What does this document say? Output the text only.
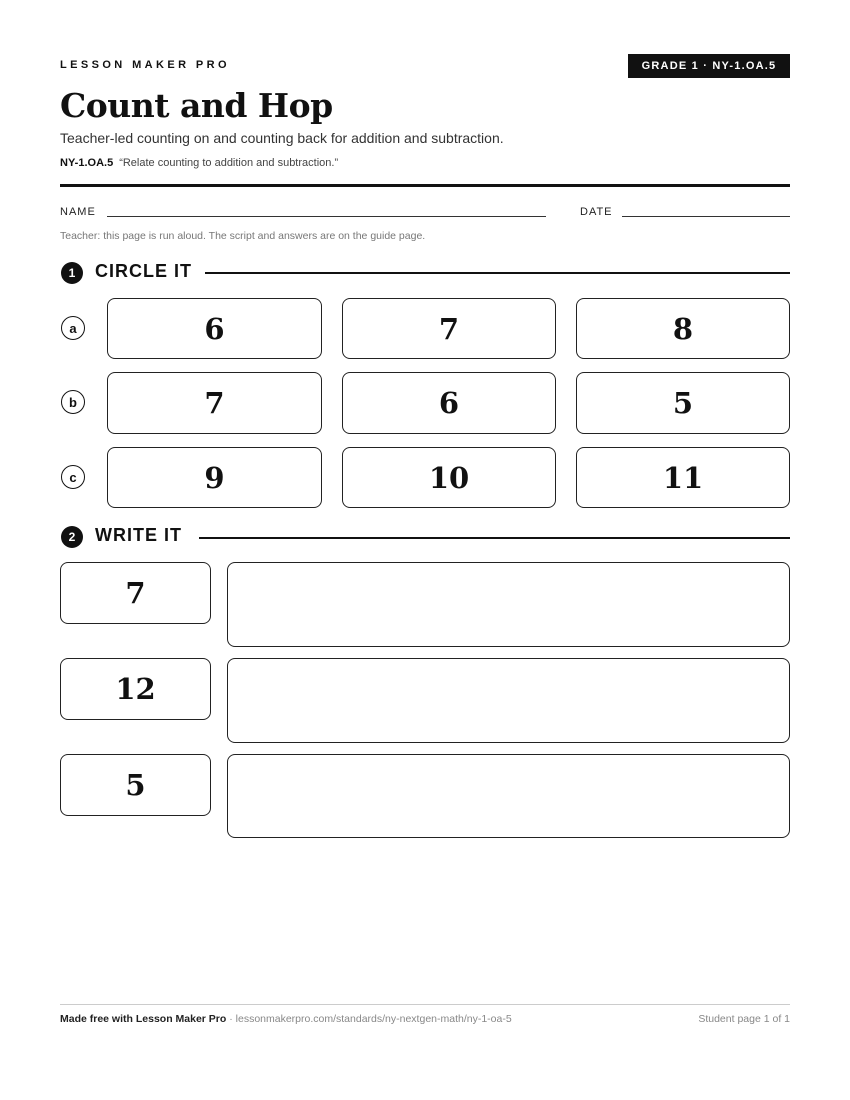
LESSON MAKER PRO	GRADE 1 · NY-1.OA.5
Count and Hop
Teacher-led counting on and counting back for addition and subtraction.
NY-1.OA.5 “Relate counting to addition and subtraction.”
NAME	DATE
Teacher: this page is run aloud. The script and answers are on the guide page.
1	CIRCLE IT
a	6	7	8
b	7	6	5
c	9	10	11
2	WRITE IT
7
12
5
Made free with Lesson Maker Pro · lessonmakerpro.com/standards/ny-nextgen-math/ny-1-oa-5	Student page 1 of 1
